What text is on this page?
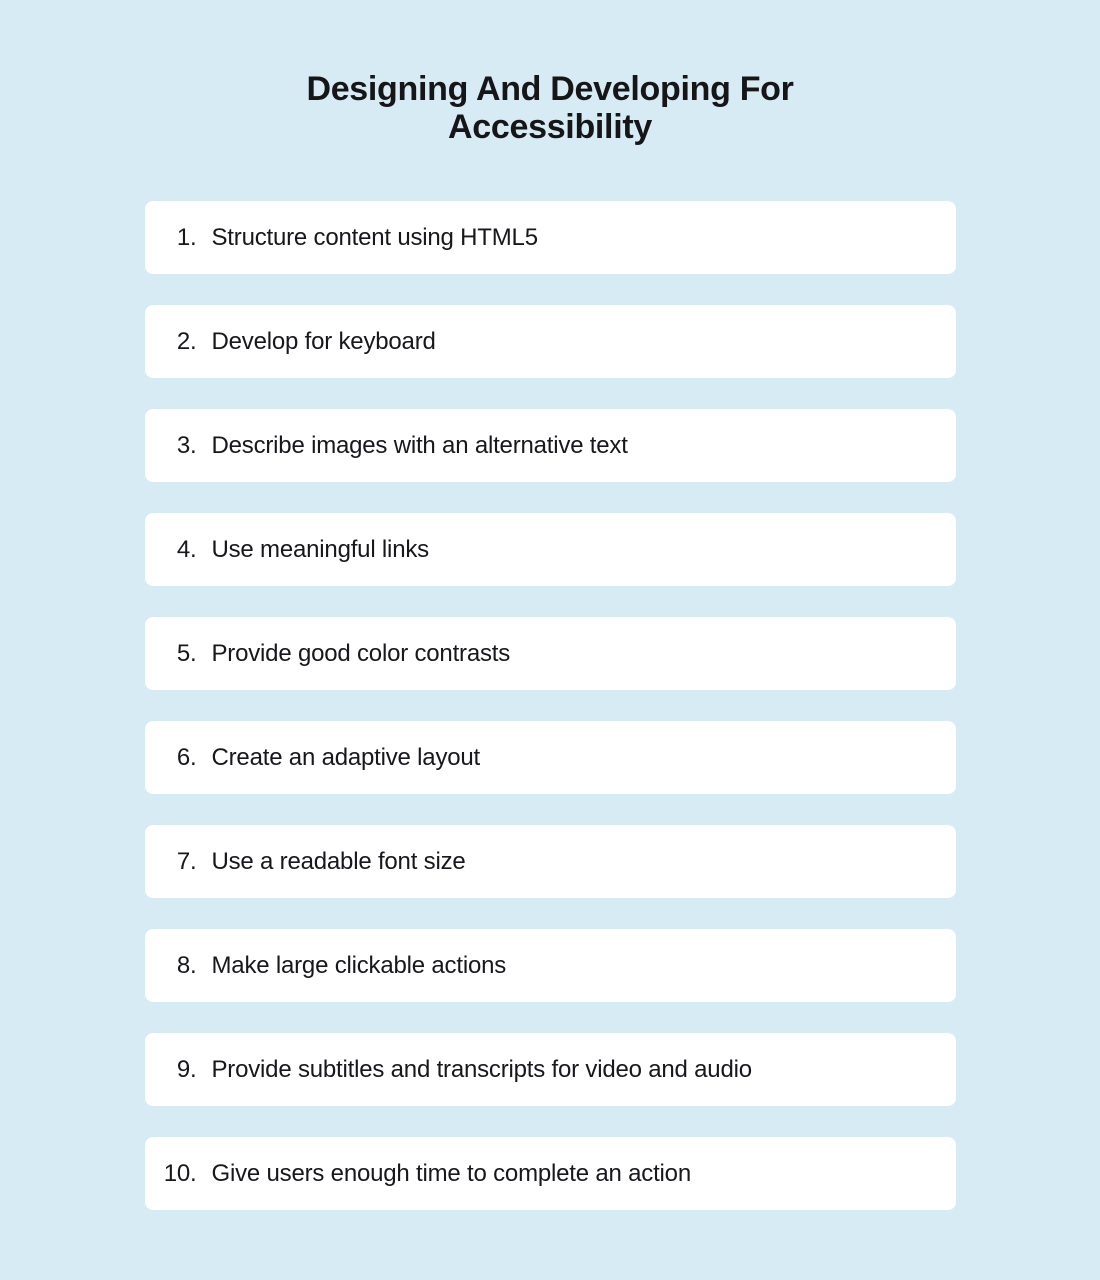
Designing And Developing For Accessibility
1. Structure content using HTML5
2. Develop for keyboard
3. Describe images with an alternative text
4. Use meaningful links
5. Provide good color contrasts
6. Create an adaptive layout
7. Use a readable font size
8. Make large clickable actions
9. Provide subtitles and transcripts for video and audio
10. Give users enough time to complete an action
